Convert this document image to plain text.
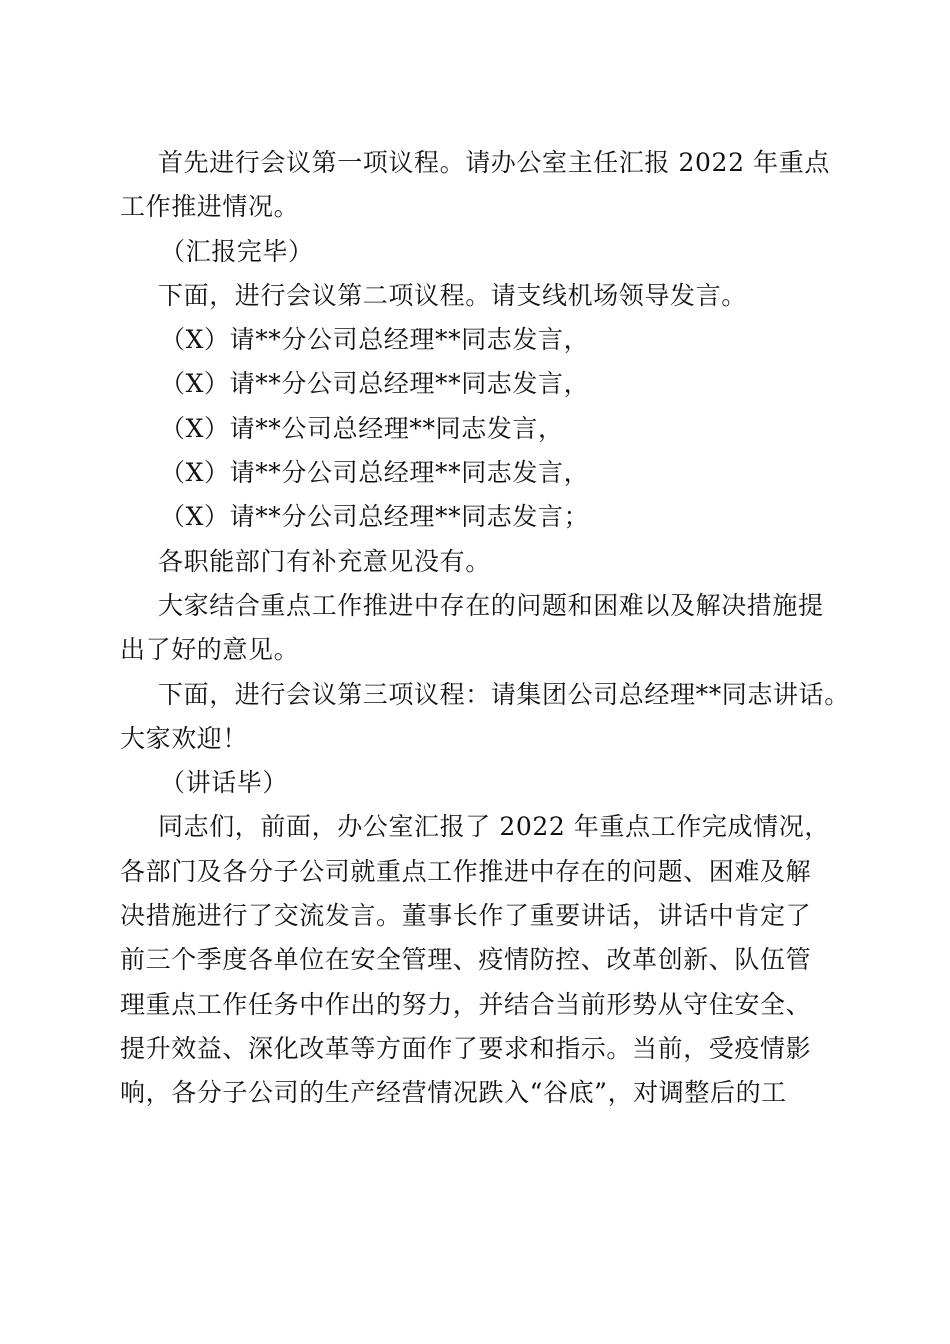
首先进行会议第一项议程。请办公室主任汇报 2022 年重点
工作推进情况。
（汇报完毕）
下面，进行会议第二项议程。请支线机场领导发言。
（X）请**分公司总经理**同志发言，
（X）请**分公司总经理**同志发言，
（X）请**公司总经理**同志发言，
（X）请**分公司总经理**同志发言，
（X）请**分公司总经理**同志发言；
各职能部门有补充意见没有。
大家结合重点工作推进中存在的问题和困难以及解决措施提
出了好的意见。
下面，进行会议第三项议程：请集团公司总经理**同志讲话。
大家欢迎！
（讲话毕）
同志们，前面，办公室汇报了 2022 年重点工作完成情况，
各部门及各分子公司就重点工作推进中存在的问题、困难及解
决措施进行了交流发言。董事长作了重要讲话，讲话中肯定了
前三个季度各单位在安全管理、疫情防控、改革创新、队伍管
理重点工作任务中作出的努力，并结合当前形势从守住安全、
提升效益、深化改革等方面作了要求和指示。当前，受疫情影
响，各分子公司的生产经营情况跌入“谷底”，对调整后的工
